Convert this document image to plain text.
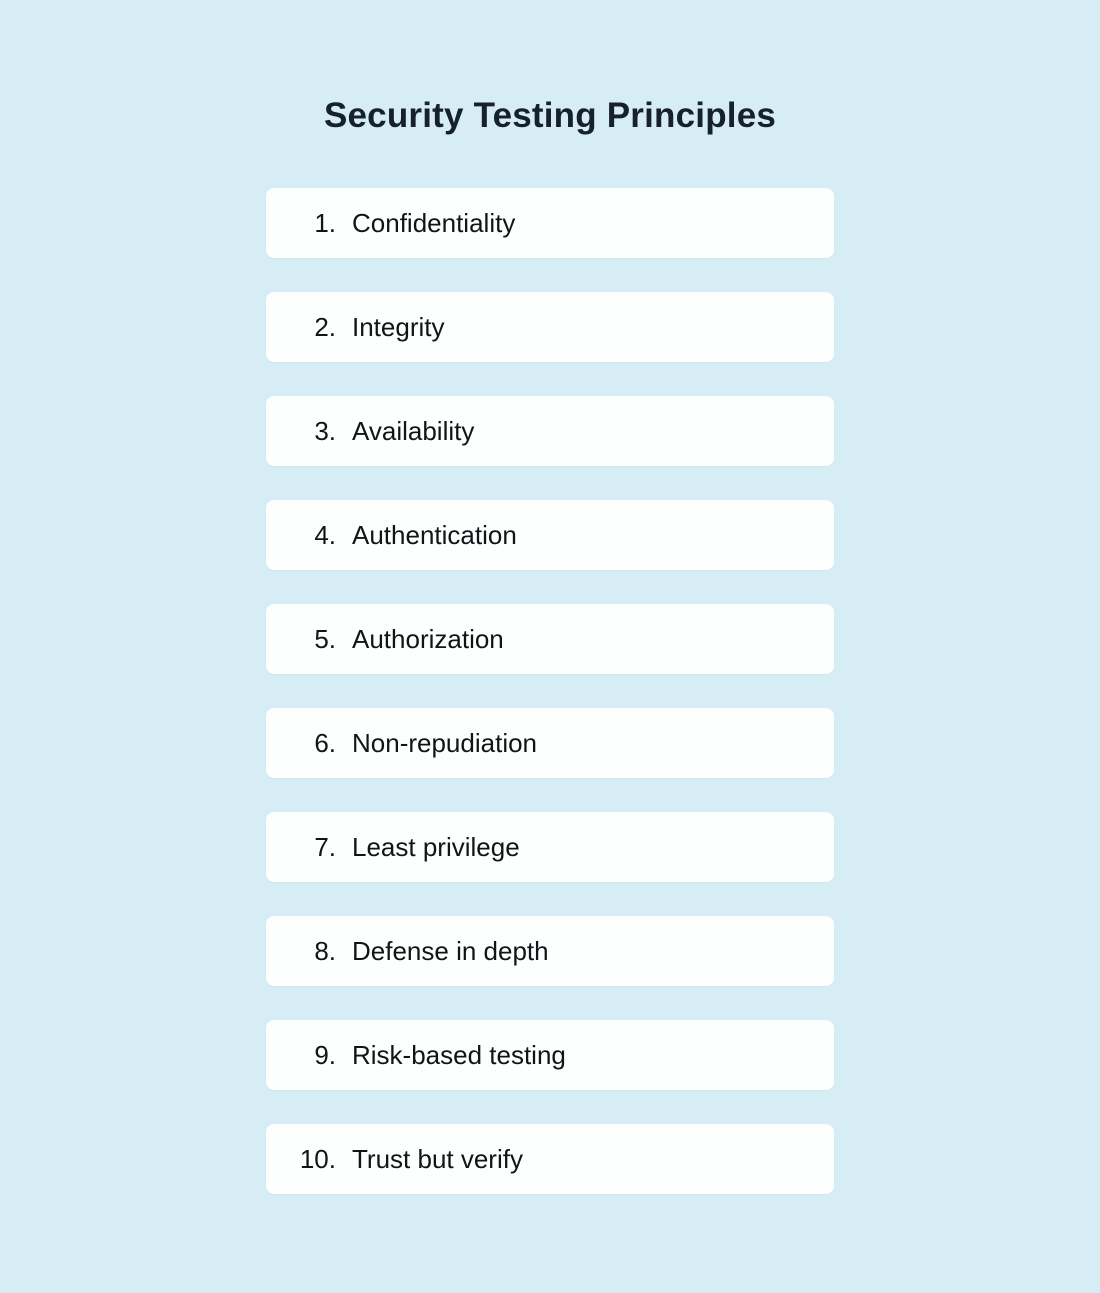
Security Testing Principles
1. Confidentiality
2. Integrity
3. Availability
4. Authentication
5. Authorization
6. Non-repudiation
7. Least privilege
8. Defense in depth
9. Risk-based testing
10. Trust but verify
